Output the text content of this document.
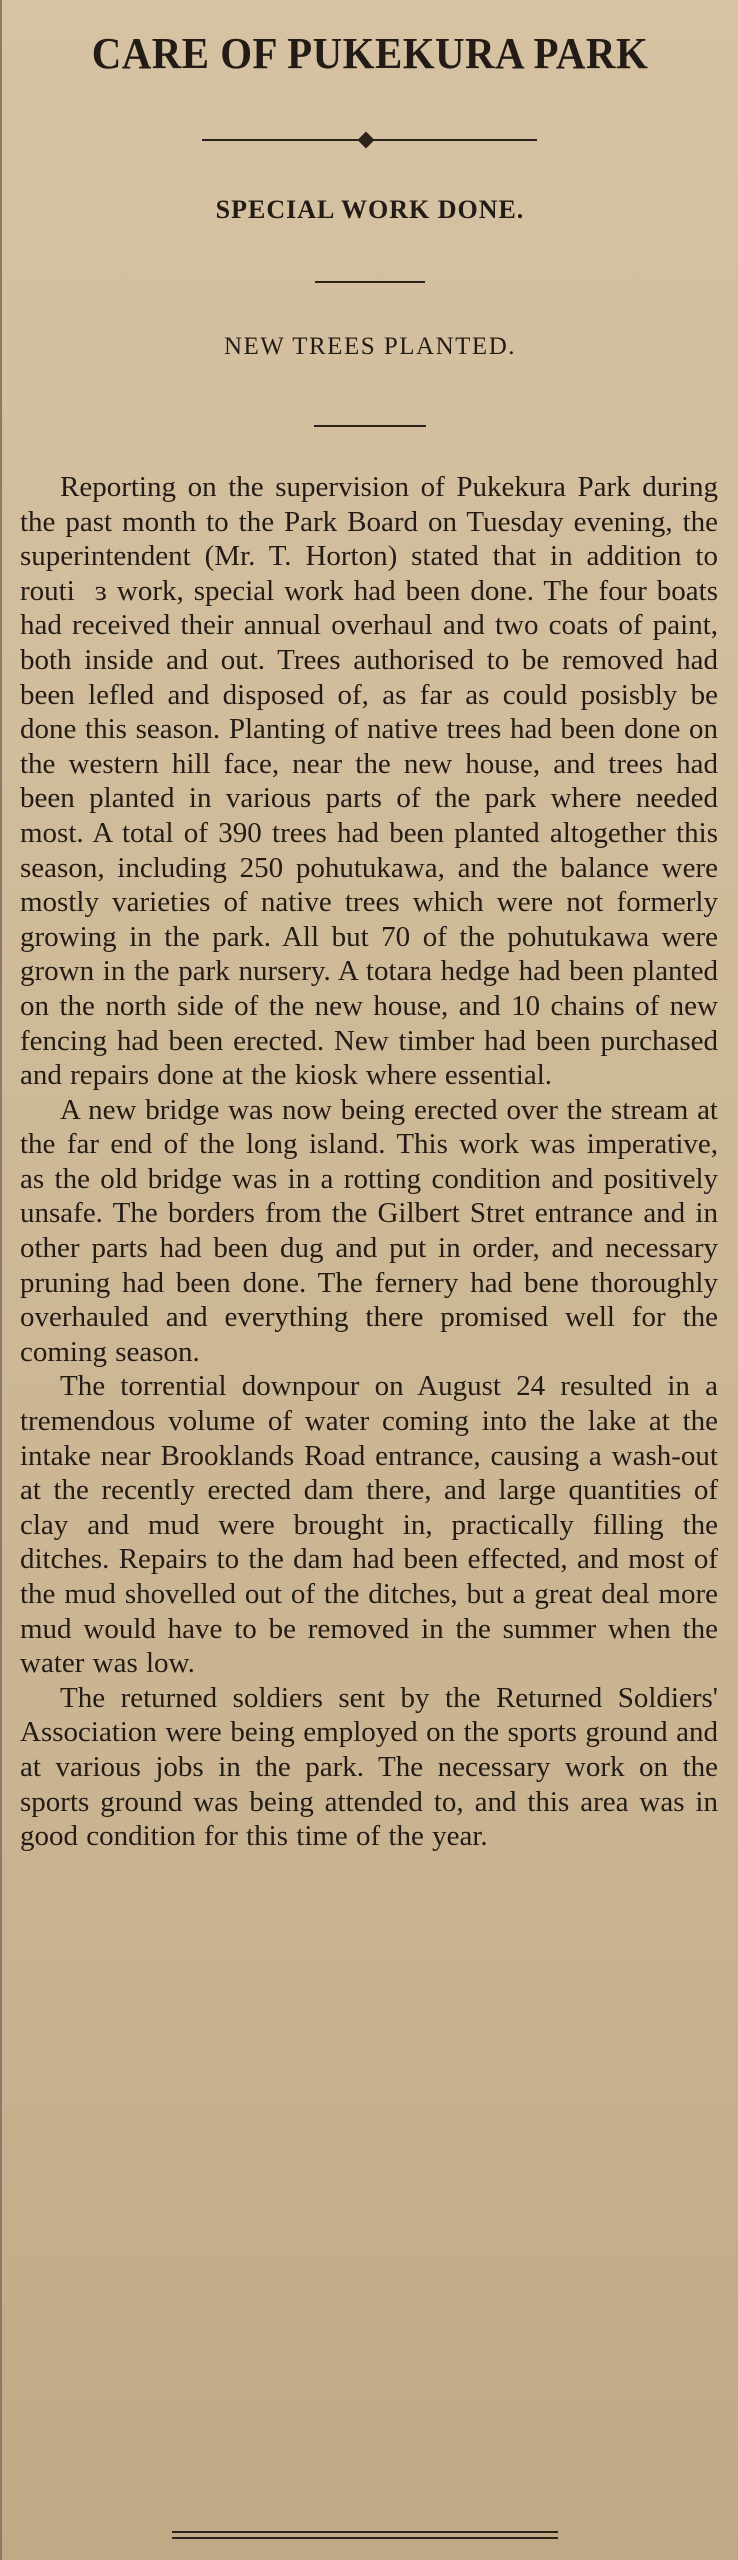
CARE OF PUKEKURA PARK
SPECIAL WORK DONE.
NEW TREES PLANTED.

Reporting on the supervision of Pukekura Park during the past month to the Park Board on Tuesday evening, the superintendent (Mr. T. Horton) stated that in addition to routi  ɜ work, special work had been done. The four boats had received their annual overhaul and two coats of paint, both inside and out. Trees authorised to be removed had been lefled and disposed of, as far as could posisbly be done this season. Planting of native trees had been done on the western hill face, near the new house, and trees had been planted in various parts of the park where needed most. A total of 390 trees had been planted altogether this season, including 250 pohutukawa, and the balance were mostly varieties of native trees which were not formerly growing in the park. All but 70 of the pohutukawa were grown in the park nursery. A totara hedge had been planted on the north side of the new house, and 10 chains of new fencing had been erected. New timber had been purchased and repairs done at the kiosk where essential.

A new bridge was now being erected over the stream at the far end of the long island. This work was imperative, as the old bridge was in a rotting condition and positively unsafe. The borders from the Gilbert Stret entrance and in other parts had been dug and put in order, and necessary pruning had been done. The fernery had bene thoroughly overhauled and everything there promised well for the coming season.

The torrential downpour on August 24 resulted in a tremendous volume of water coming into the lake at the intake near Brooklands Road entrance, causing a wash-out at the recently erected dam there, and large quantities of clay and mud were brought in, practically filling the ditches. Repairs to the dam had been effected, and most of the mud shovelled out of the ditches, but a great deal more mud would have to be removed in the summer when the water was low.

The returned soldiers sent by the Returned Soldiers' Association were being employed on the sports ground and at various jobs in the park. The necessary work on the sports ground was being attended to, and this area was in good condition for this time of the year.
